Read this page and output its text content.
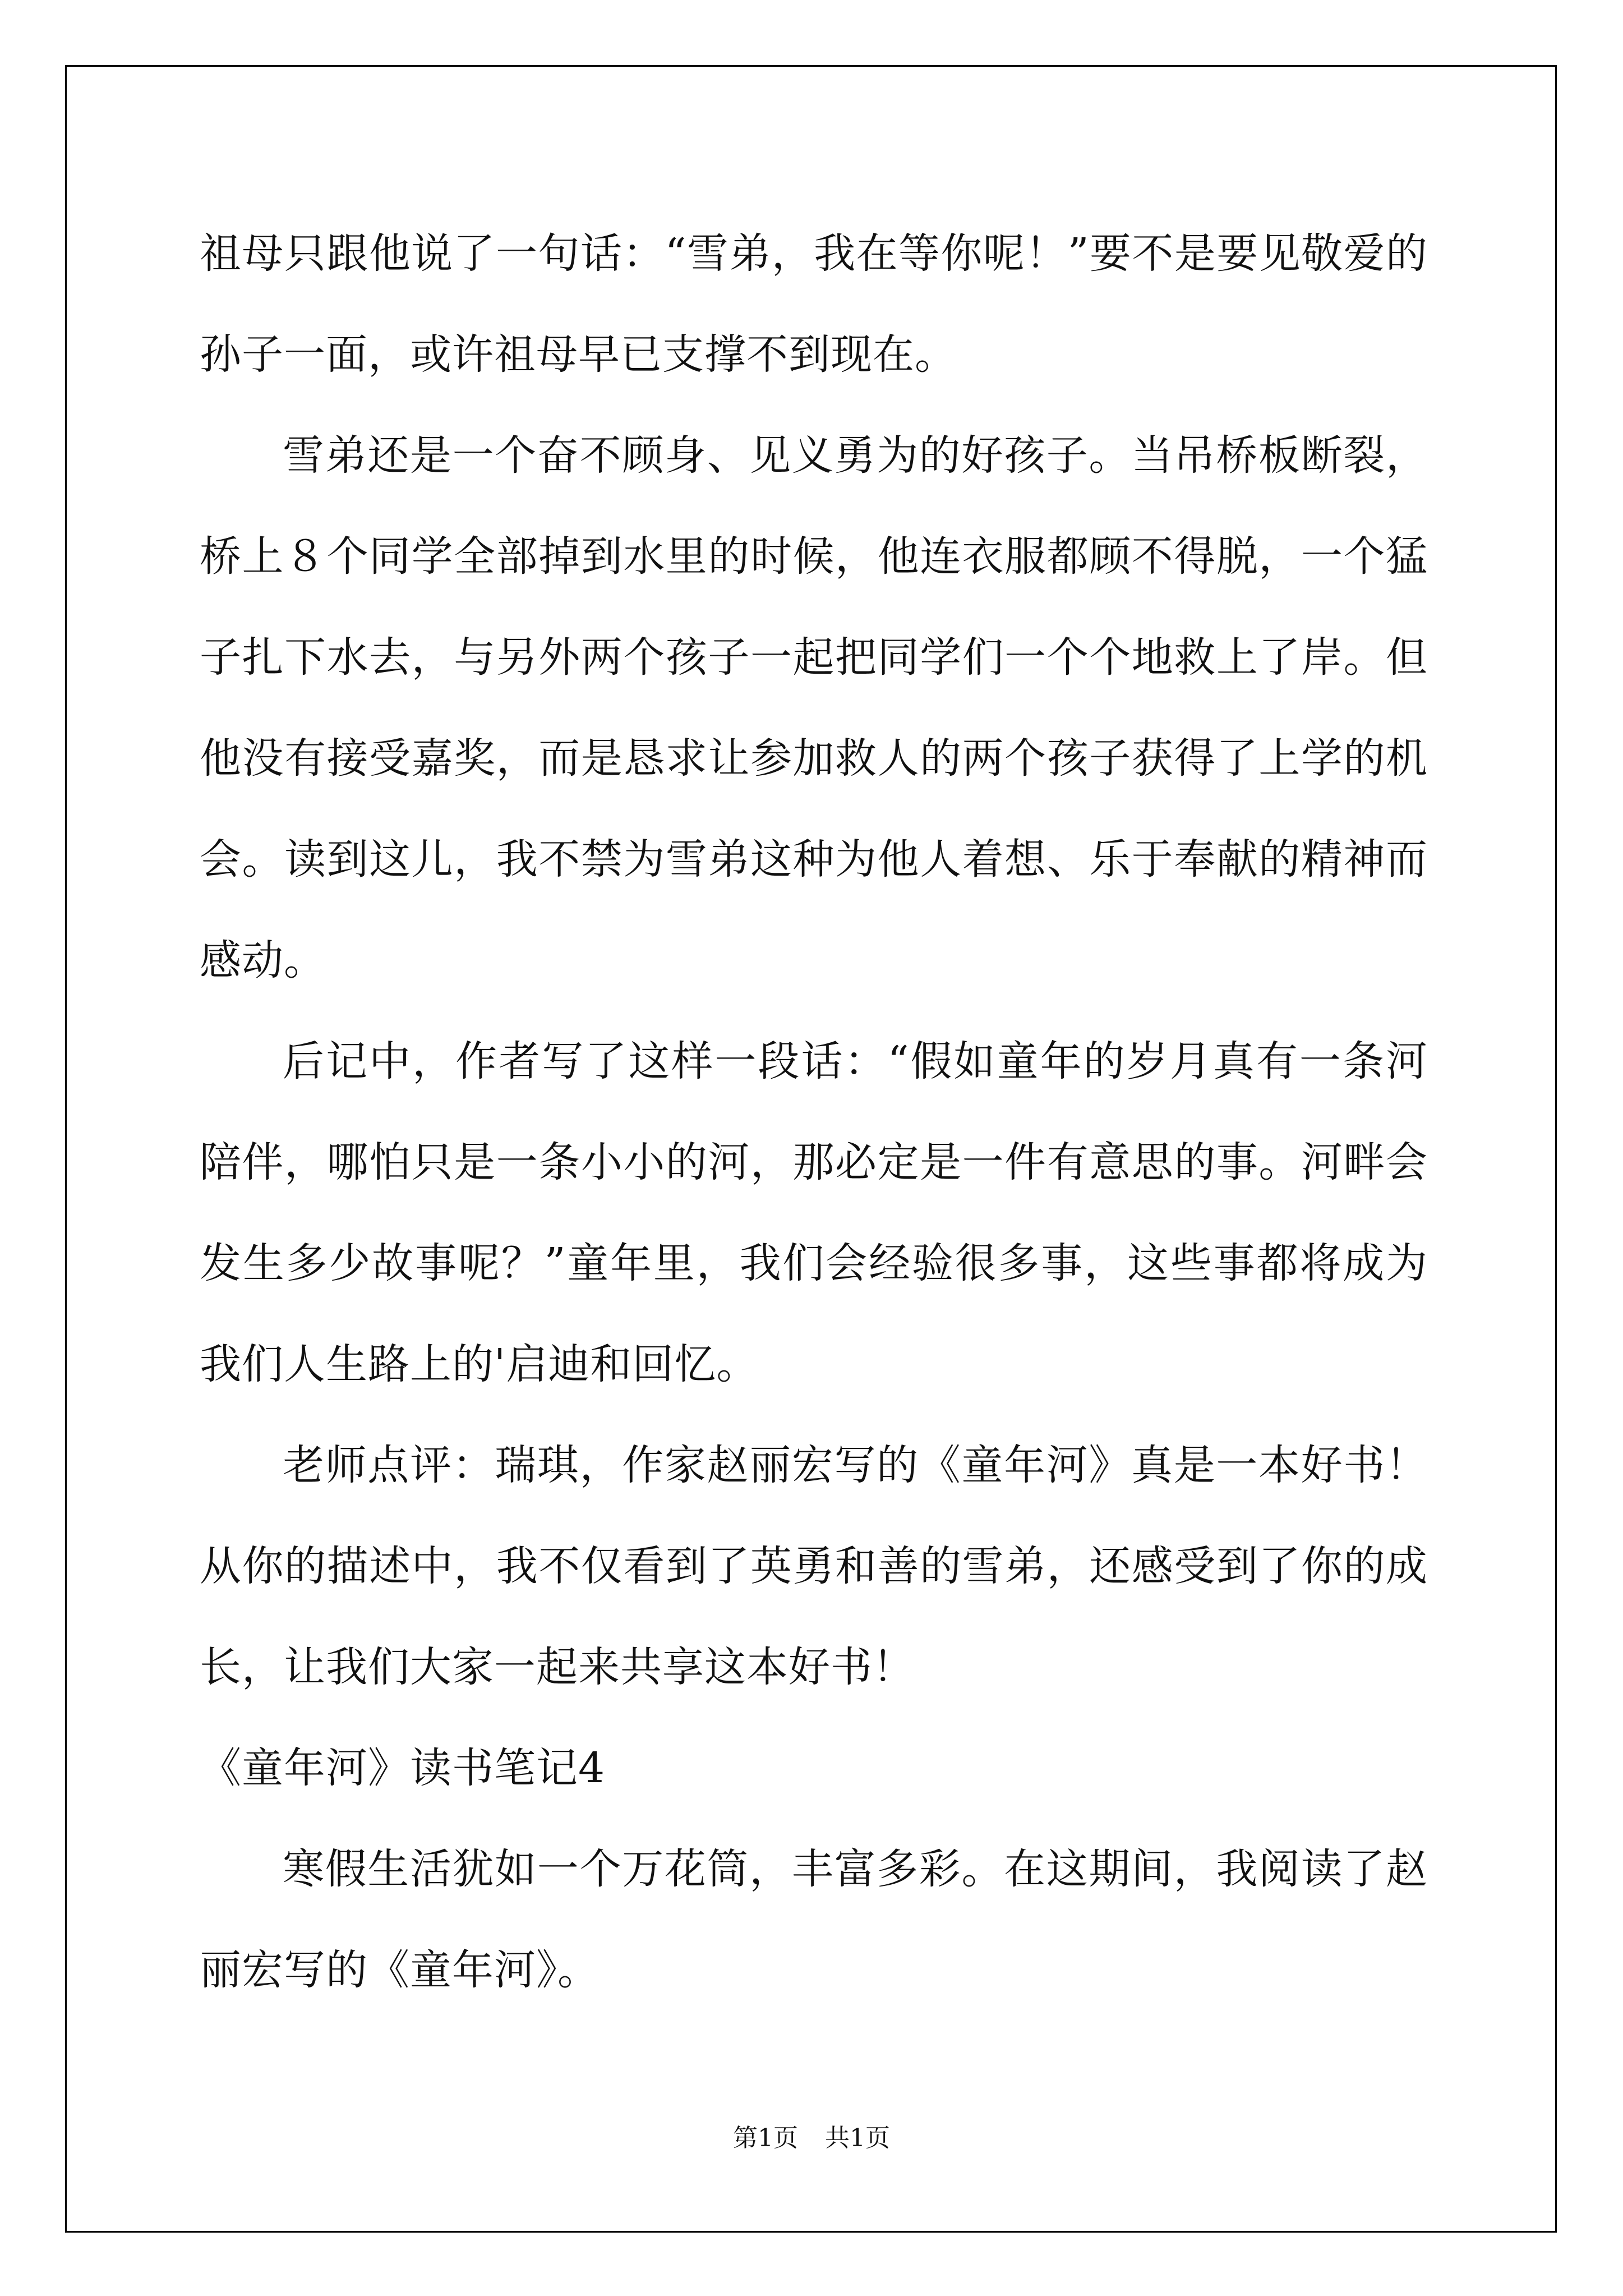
祖母只跟他说了一句话：“雪弟，我在等你呢！”要不是要见敬爱的孙子一面，或许祖母早已支撑不到现在。

雪弟还是一个奋不顾身、见义勇为的好孩子。当吊桥板断裂，桥上８个同学全部掉到水里的时候，他连衣服都顾不得脱，一个猛子扎下水去，与另外两个孩子一起把同学们一个个地救上了岸。但他没有接受嘉奖，而是恳求让参加救人的两个孩子获得了上学的机会。读到这儿，我不禁为雪弟这种为他人着想、乐于奉献的精神而感动。

后记中，作者写了这样一段话：“假如童年的岁月真有一条河陪伴，哪怕只是一条小小的河，那必定是一件有意思的事。河畔会发生多少故事呢？”童年里，我们会经验很多事，这些事都将成为我们人生路上的'启迪和回忆。

老师点评：瑞琪，作家赵丽宏写的《童年河》真是一本好书！从你的描述中，我不仅看到了英勇和善的雪弟，还感受到了你的成长，让我们大家一起来共享这本好书！

《童年河》读书笔记4

寒假生活犹如一个万花筒，丰富多彩。在这期间，我阅读了赵丽宏写的《童年河》。

第1页 共1页
